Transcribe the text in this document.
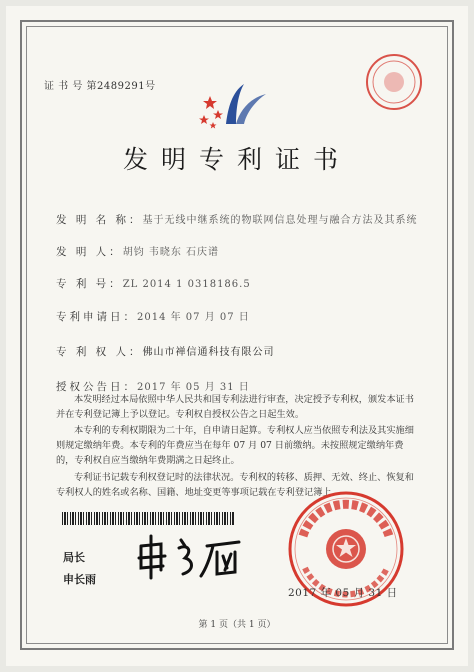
证 书 号 第2489291号
发明专利证书
发 明 名 称：基于无线中继系统的物联网信息处理与融合方法及其系统
发 明 人：胡钧 韦晓东 石庆谱
专 利 号：ZL 2014 1 0318186.5
专利申请日：2014 年 07 月 07 日
专 利 权 人：佛山市禅信通科技有限公司
授权公告日：2017 年 05 月 31 日
本发明经过本局依照中华人民共和国专利法进行审查，决定授予专利权，颁发本证书并在专利登记簿上予以登记。专利权自授权公告之日起生效。
本专利的专利权期限为二十年，自申请日起算。专利权人应当依照专利法及其实施细则规定缴纳年费。本专利的年费应当在每年 07 月 07 日前缴纳。未按照规定缴纳年费的，专利权自应当缴纳年费期满之日起终止。
专利证书记载专利权登记时的法律状况。专利权的转移、质押、无效、终止、恢复和专利权人的姓名或名称、国籍、地址变更等事项记载在专利登记簿上。
局长
申长雨
2017 年 05 月 31 日
第 1 页（共 1 页）
